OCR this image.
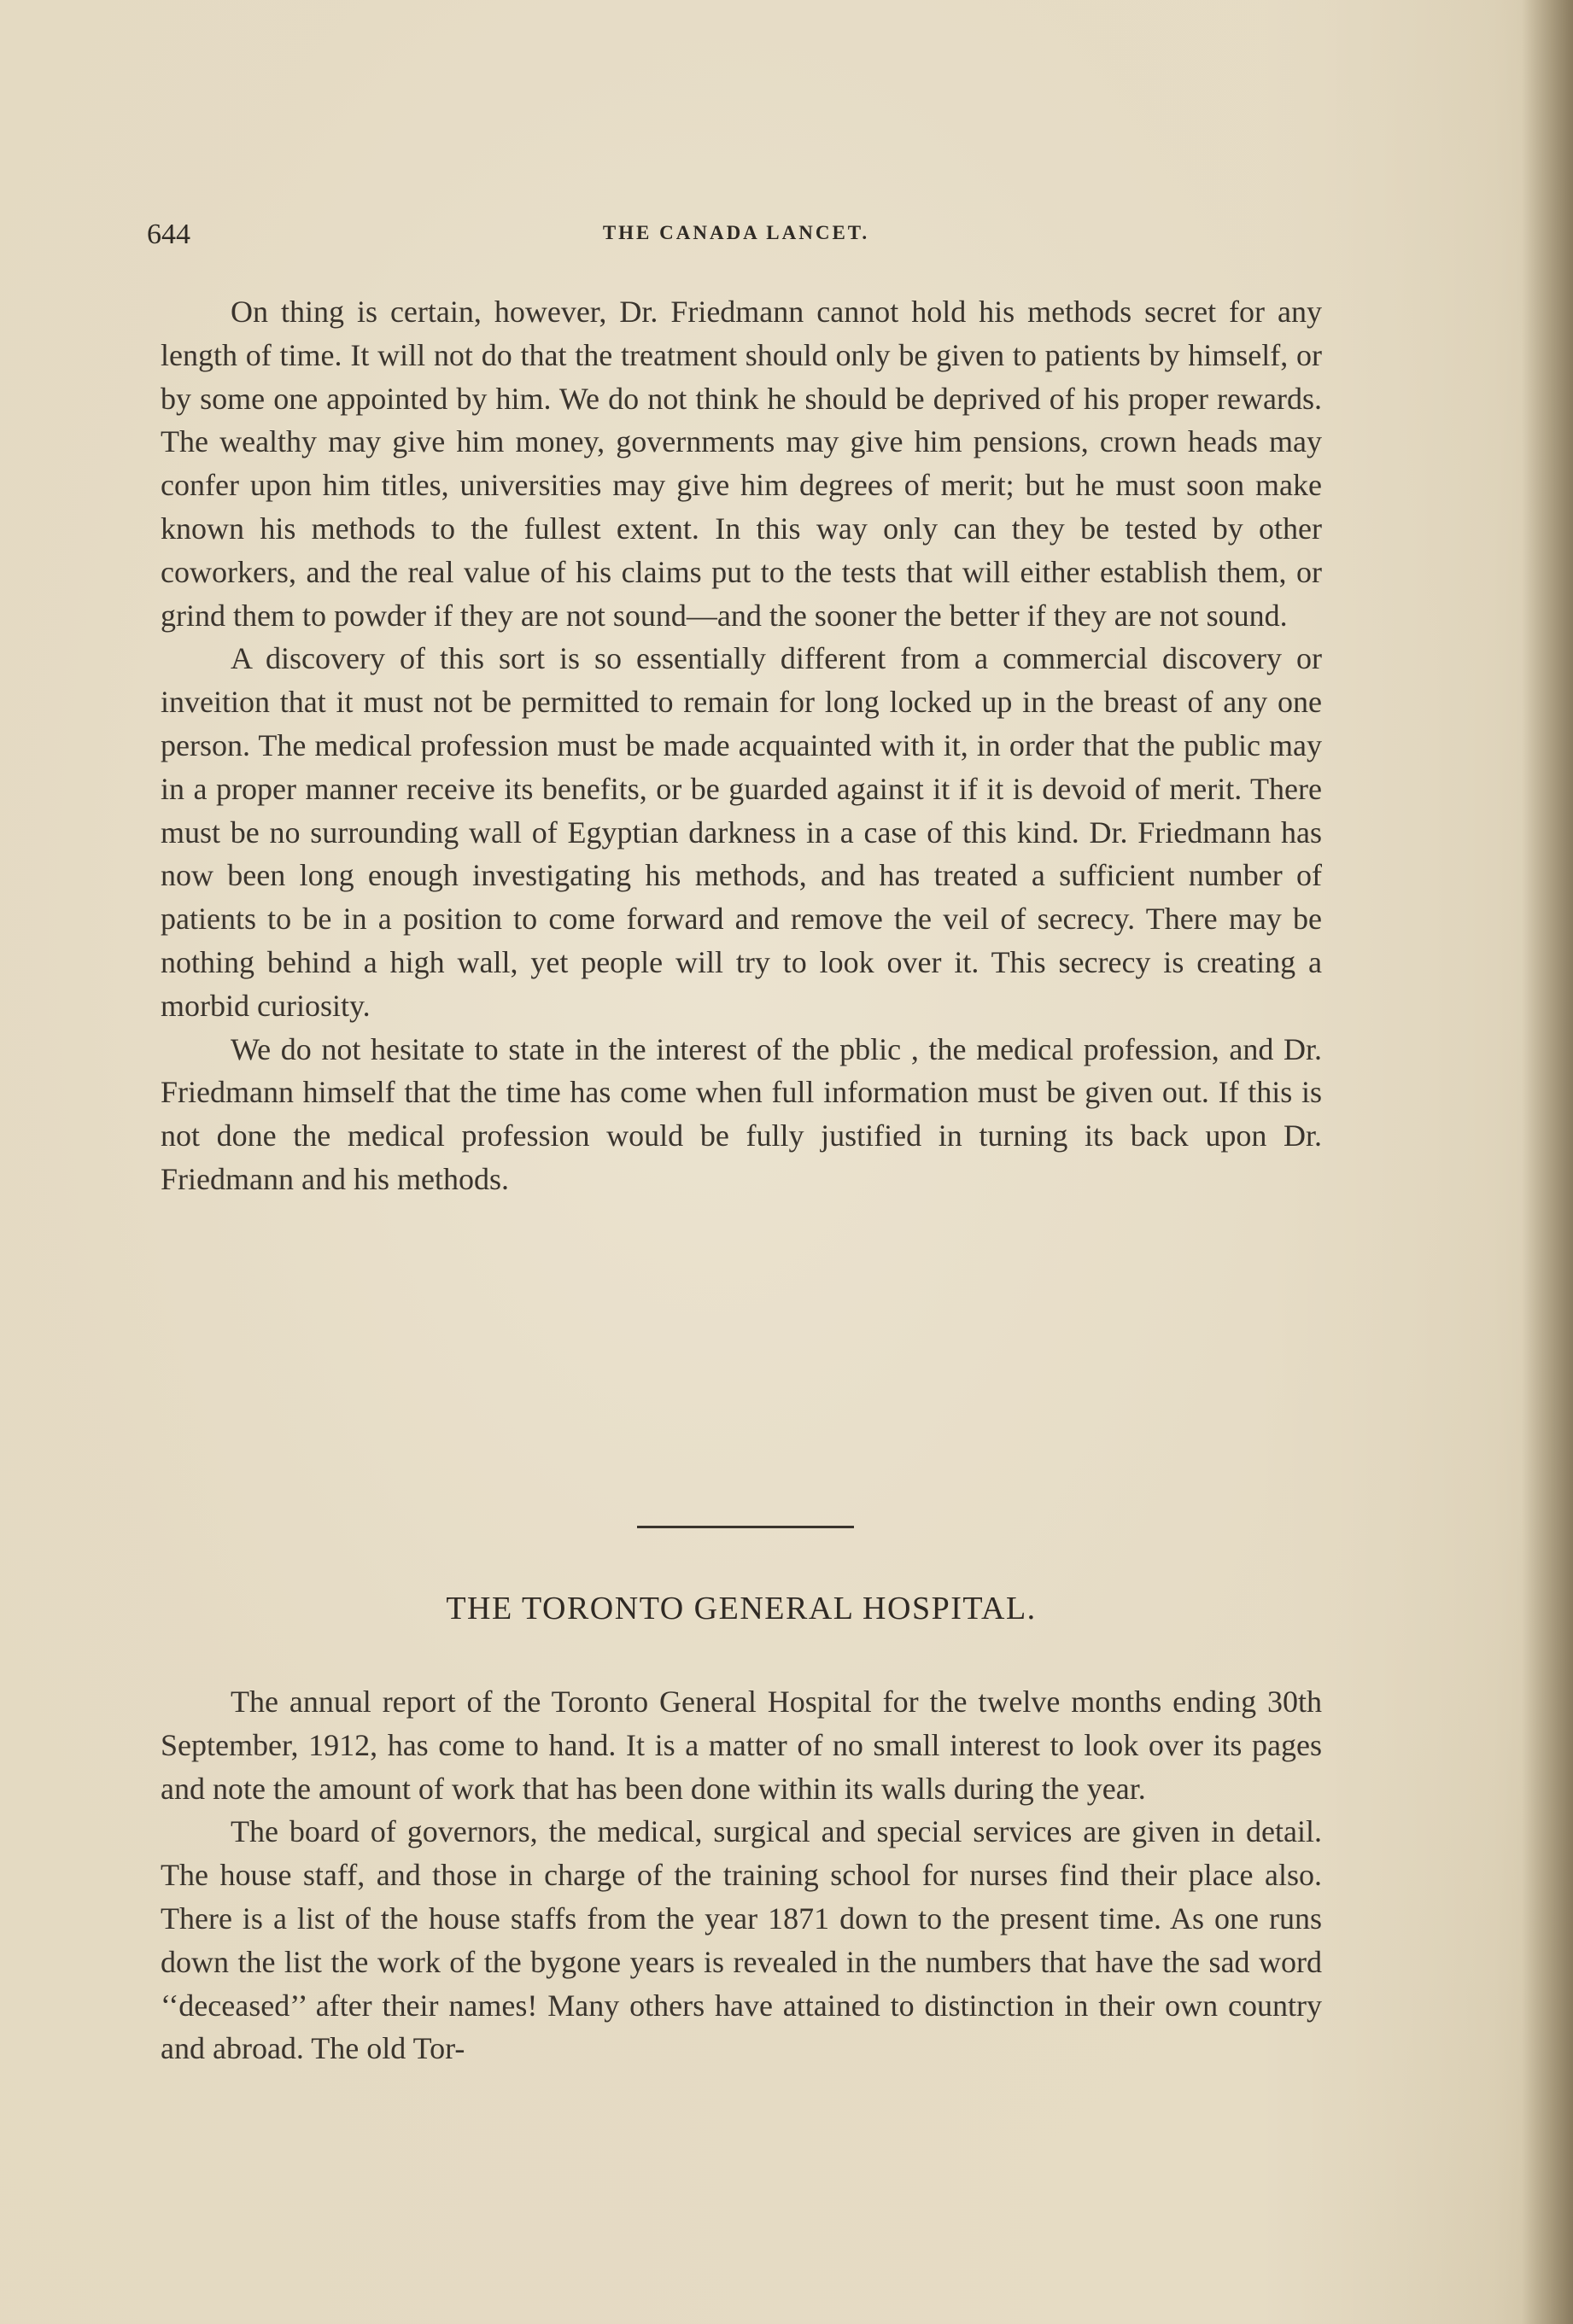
644	THE CANADA LANCET.

On thing is certain, however, Dr. Friedmann cannot hold his methods secret for any length of time. It will not do that the treatment should only be given to patients by himself, or by some one appointed by him. We do not think he should be deprived of his proper rewards. The wealthy may give him money, governments may give him pensions, crown heads may confer upon him titles, universities may give him degrees of merit; but he must soon make known his methods to the fullest extent. In this way only can they be tested by other coworkers, and the real value of his claims put to the tests that will either establish them, or grind them to powder if they are not sound—and the sooner the better if they are not sound.

A discovery of this sort is so essentially different from a commercial discovery or inveition that it must not be permitted to remain for long locked up in the breast of any one person. The medical profession must be made acquainted with it, in order that the public may in a proper manner receive its benefits, or be guarded against it if it is devoid of merit. There must be no surrounding wall of Egyptian darkness in a case of this kind. Dr. Friedmann has now been long enough investigating his methods, and has treated a sufficient number of patients to be in a position to come forward and remove the veil of secrecy. There may be nothing behind a high wall, yet people will try to look over it. This secrecy is creating a morbid curiosity.

We do not hesitate to state in the interest of the pblic , the medical profession, and Dr. Friedmann himself that the time has come when full information must be given out. If this is not done the medical profession would be fully justified in turning its back upon Dr. Friedmann and his methods.

THE TORONTO GENERAL HOSPITAL.

The annual report of the Toronto General Hospital for the twelve months ending 30th September, 1912, has come to hand. It is a matter of no small interest to look over its pages and note the amount of work that has been done within its walls during the year.

The board of governors, the medical, surgical and special services are given in detail. The house staff, and those in charge of the training school for nurses find their place also. There is a list of the house staffs from the year 1871 down to the present time. As one runs down the list the work of the bygone years is revealed in the numbers that have the sad word ‘‘deceased’’ after their names! Many others have attained to distinction in their own country and abroad. The old Tor-
